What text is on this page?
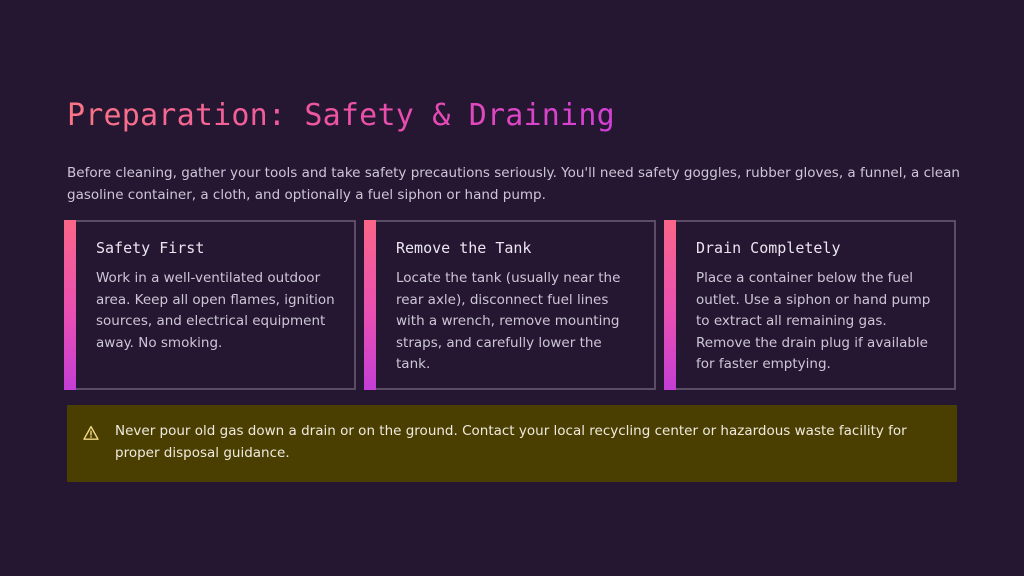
Preparation: Safety & Draining

Before cleaning, gather your tools and take safety precautions seriously. You'll need safety goggles, rubber gloves, a funnel, a clean gasoline container, a cloth, and optionally a fuel siphon or hand pump.

Safety First

Work in a well-ventilated outdoor area. Keep all open flames, ignition sources, and electrical equipment away. No smoking.

Remove the Tank

Locate the tank (usually near the rear axle), disconnect fuel lines with a wrench, remove mounting straps, and carefully lower the tank.

Drain Completely

Place a container below the fuel outlet. Use a siphon or hand pump to extract all remaining gas. Remove the drain plug if available for faster emptying.

Never pour old gas down a drain or on the ground. Contact your local recycling center or hazardous waste facility for proper disposal guidance.
